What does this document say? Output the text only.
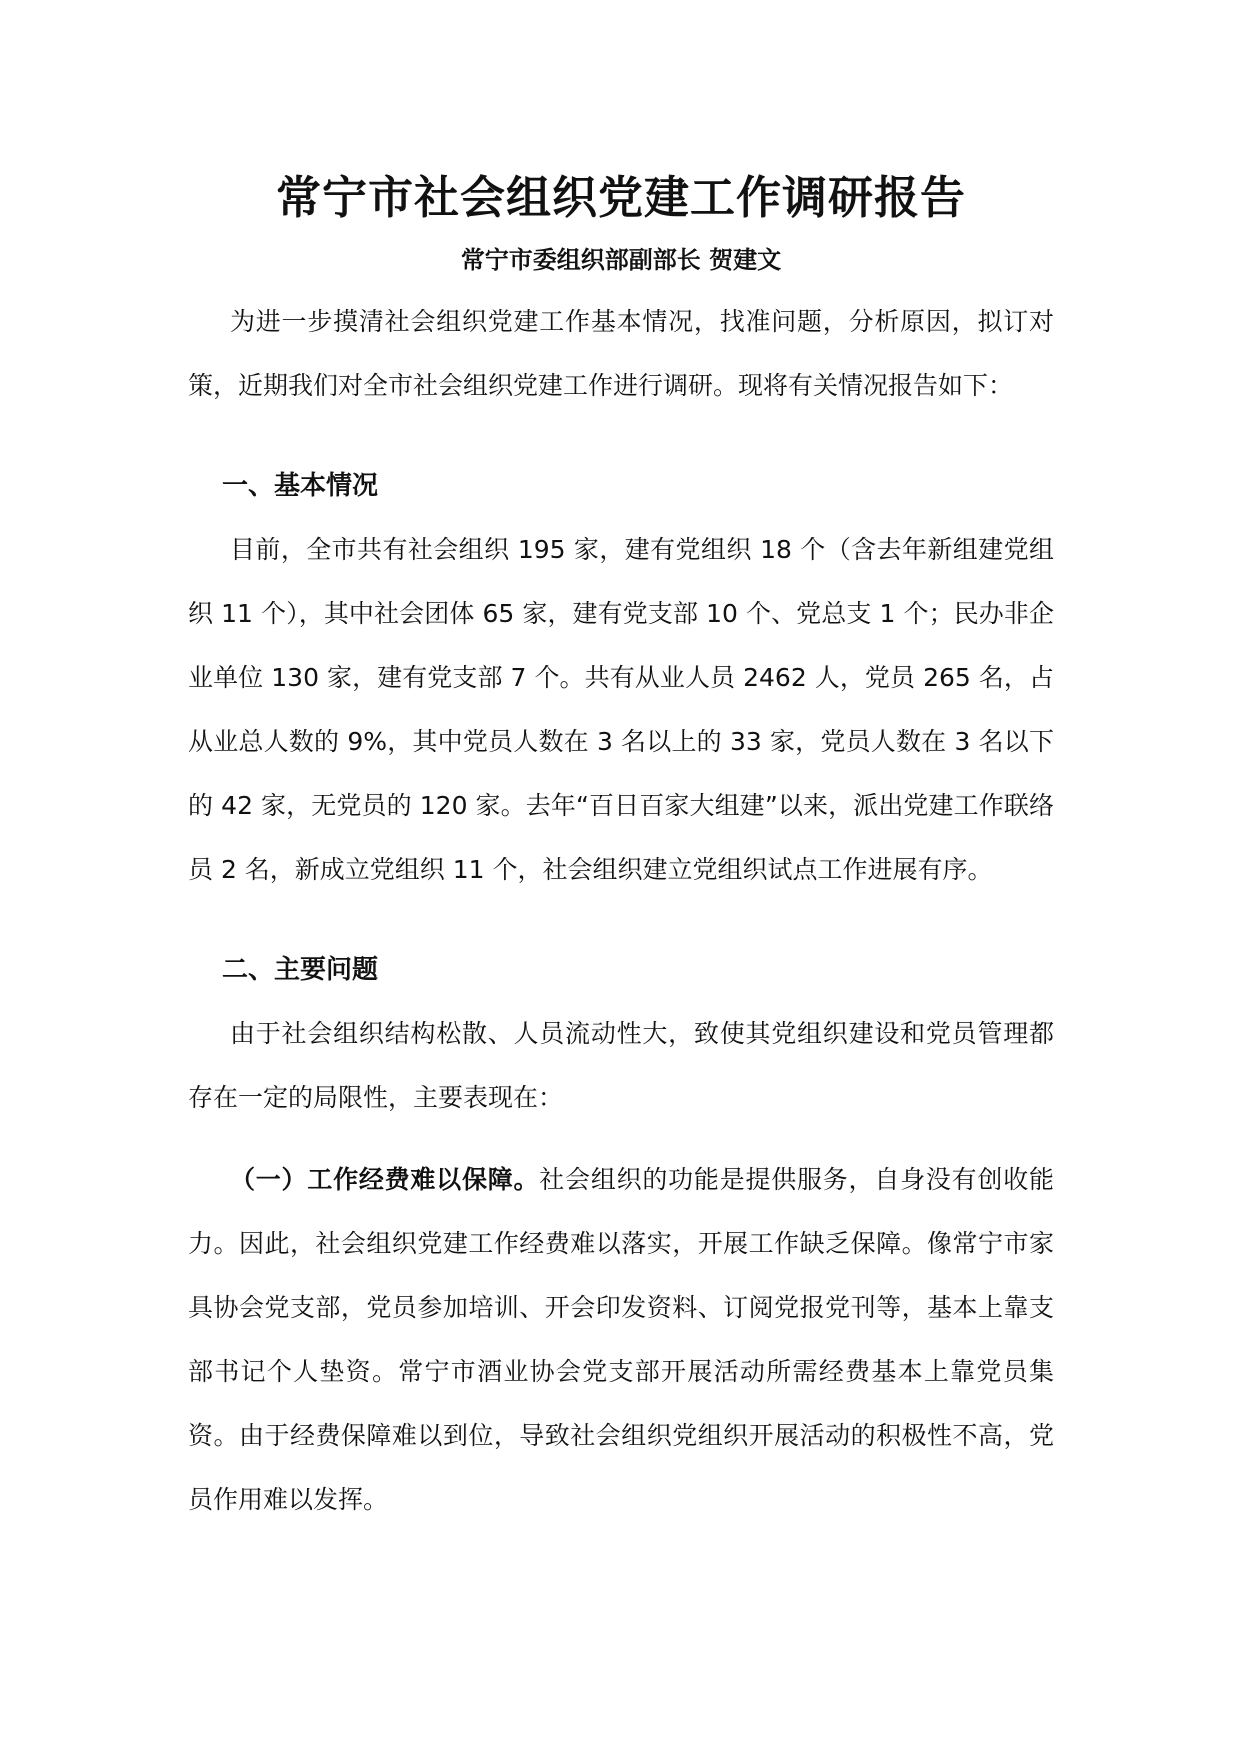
常宁市社会组织党建工作调研报告
常宁市委组织部副部长 贺建文

为进一步摸清社会组织党建工作基本情况，找准问题，分析原因，拟订对策，近期我们对全市社会组织党建工作进行调研。现将有关情况报告如下：

一、基本情况

目前，全市共有社会组织 195 家，建有党组织 18 个（含去年新组建党组织 11 个），其中社会团体 65 家，建有党支部 10 个、党总支 1 个；民办非企业单位 130 家，建有党支部 7 个。共有从业人员 2462 人，党员 265 名，占从业总人数的 9%，其中党员人数在 3 名以上的 33 家，党员人数在 3 名以下的 42 家，无党员的 120 家。去年“百日百家大组建”以来，派出党建工作联络员 2 名，新成立党组织 11 个，社会组织建立党组织试点工作进展有序。

二、主要问题

由于社会组织结构松散、人员流动性大，致使其党组织建设和党员管理都存在一定的局限性，主要表现在：

（一）工作经费难以保障。社会组织的功能是提供服务，自身没有创收能力。因此，社会组织党建工作经费难以落实，开展工作缺乏保障。像常宁市家具协会党支部，党员参加培训、开会印发资料、订阅党报党刊等，基本上靠支部书记个人垫资。常宁市酒业协会党支部开展活动所需经费基本上靠党员集资。由于经费保障难以到位，导致社会组织党组织开展活动的积极性不高，党员作用难以发挥。
